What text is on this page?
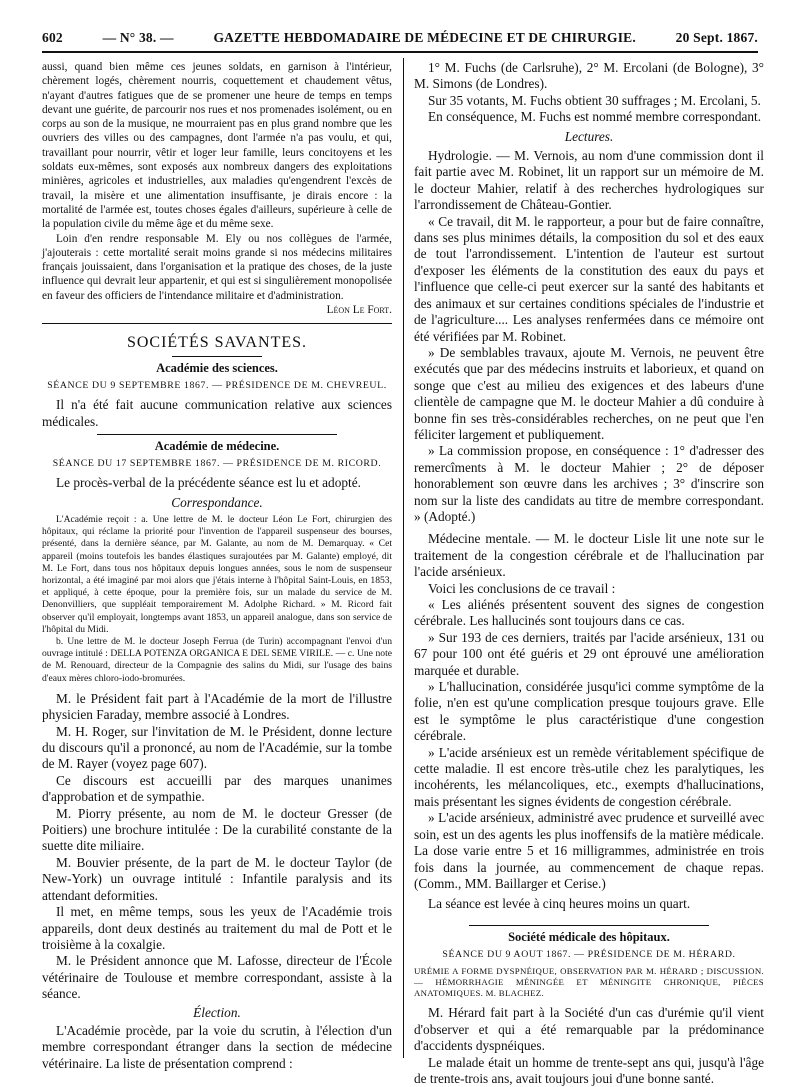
602	— N° 38. —	GAZETTE HEBDOMADAIRE DE MÉDECINE ET DE CHIRURGIE.	20 Sept. 1867.

aussi, quand bien même ces jeunes soldats, en garnison à l'intérieur, chèrement logés, chèrement nourris, coquettement et chaudement vêtus, n'ayant d'autres fatigues que de se promener une heure de temps en temps devant une guérite, de parcourir nos rues et nos promenades isolément, ou en corps au son de la musique, ne mourraient pas en plus grand nombre que les ouvriers des villes ou des campagnes, dont l'armée n'a pas voulu, et qui, travaillant pour nourrir, vêtir et loger leur famille, leurs concitoyens et les soldats eux-mêmes, sont exposés aux nombreux dangers des exploitations minières, agricoles et industrielles, aux maladies qu'engendrent l'excès de travail, la misère et une alimentation insuffisante, je dirais encore : la mortalité de l'armée est, toutes choses égales d'ailleurs, supérieure à celle de la population civile du même âge et du même sexe.

Loin d'en rendre responsable M. Ely ou nos collègues de l'armée, j'ajouterais : cette mortalité serait moins grande si nos médecins militaires français jouissaient, dans l'organisation et la pratique des choses, de la juste influence qui devrait leur appartenir, et qui est si singulièrement monopolisée en faveur des officiers de l'intendance militaire et d'administration.

Léon Le Fort.

SOCIÉTÉS SAVANTES.
Académie des sciences.
SÉANCE DU 9 SEPTEMBRE 1867. — PRÉSIDENCE DE M. CHEVREUL.

Il n'a été fait aucune communication relative aux sciences médicales.

Académie de médecine.
SÉANCE DU 17 SEPTEMBRE 1867. — PRÉSIDENCE DE M. RICORD.

Le procès-verbal de la précédente séance est lu et adopté.

Correspondance.

L'Académie reçoit : a. Une lettre de M. le docteur Léon Le Fort, chirurgien des hôpitaux, qui réclame la priorité pour l'invention de l'appareil suspenseur des bourses, présenté, dans la dernière séance, par M. Galante, au nom de M. Demarquay. « Cet appareil (moins toutefois les bandes élastiques surajoutées par M. Galante) employé, dit M. Le Fort, dans tous nos hôpitaux depuis longues années, sous le nom de suspenseur horizontal, a été imaginé par moi alors que j'étais interne à l'hôpital Saint-Louis, en 1853, et appliqué, à cette époque, pour la première fois, sur un malade du service de M. Denonvilliers, que suppléait temporairement M. Adolphe Richard. » M. Ricord fait observer qu'il employait, longtemps avant 1853, un appareil analogue, dans son service de l'hôpital du Midi.

b. Une lettre de M. le docteur Joseph Ferrua (de Turin) accompagnant l'envoi d'un ouvrage intitulé : DELLA POTENZA ORGANICA E DEL SEME VIRILE. — c. Une note de M. Renouard, directeur de la Compagnie des salins du Midi, sur l'usage des bains d'eaux mères chloro-iodo-bromurées.

M. le Président fait part à l'Académie de la mort de l'illustre physicien Faraday, membre associé à Londres.

M. H. Roger, sur l'invitation de M. le Président, donne lecture du discours qu'il a prononcé, au nom de l'Académie, sur la tombe de M. Rayer (voyez page 607).

Ce discours est accueilli par des marques unanimes d'approbation et de sympathie.

M. Piorry présente, au nom de M. le docteur Gresser (de Poitiers) une brochure intitulée : De la curabilité constante de la suette dite miliaire.

M. Bouvier présente, de la part de M. le docteur Taylor (de New-York) un ouvrage intitulé : Infantile paralysis and its attendant deformities.

Il met, en même temps, sous les yeux de l'Académie trois appareils, dont deux destinés au traitement du mal de Pott et le troisième à la coxalgie.

M. le Président annonce que M. Lafosse, directeur de l'École vétérinaire de Toulouse et membre correspondant, assiste à la séance.

Élection.

L'Académie procède, par la voie du scrutin, à l'élection d'un membre correspondant étranger dans la section de médecine vétérinaire. La liste de présentation comprend :

1° M. Fuchs (de Carlsruhe), 2° M. Ercolani (de Bologne), 3° M. Simons (de Londres).

Sur 35 votants, M. Fuchs obtient 30 suffrages ; M. Ercolani, 5.

En conséquence, M. Fuchs est nommé membre correspondant.

Lectures.

Hydrologie. — M. Vernois, au nom d'une commission dont il fait partie avec M. Robinet, lit un rapport sur un mémoire de M. le docteur Mahier, relatif à des recherches hydrologiques sur l'arrondissement de Château-Gontier.

« Ce travail, dit M. le rapporteur, a pour but de faire connaître, dans ses plus minimes détails, la composition du sol et des eaux de tout l'arrondissement. L'intention de l'auteur est surtout d'exposer les éléments de la constitution des eaux du pays et l'influence que celle-ci peut exercer sur la santé des habitants et des animaux et sur certaines conditions spéciales de l'industrie et de l'agriculture.... Les analyses renfermées dans ce mémoire ont été vérifiées par M. Robinet.

» De semblables travaux, ajoute M. Vernois, ne peuvent être exécutés que par des médecins instruits et laborieux, et quand on songe que c'est au milieu des exigences et des labeurs d'une clientèle de campagne que M. le docteur Mahier a dû conduire à bonne fin ses très-considérables recherches, on ne peut que l'en féliciter largement et publiquement.

» La commission propose, en conséquence : 1° d'adresser des remercîments à M. le docteur Mahier ; 2° de déposer honorablement son œuvre dans les archives ; 3° d'inscrire son nom sur la liste des candidats au titre de membre correspondant. » (Adopté.)

Médecine mentale. — M. le docteur Lisle lit une note sur le traitement de la congestion cérébrale et de l'hallucination par l'acide arsénieux.

Voici les conclusions de ce travail :

« Les aliénés présentent souvent des signes de congestion cérébrale. Les hallucinés sont toujours dans ce cas.

» Sur 193 de ces derniers, traités par l'acide arsénieux, 131 ou 67 pour 100 ont été guéris et 29 ont éprouvé une amélioration marquée et durable.

» L'hallucination, considérée jusqu'ici comme symptôme de la folie, n'en est qu'une complication presque toujours grave. Elle est le symptôme le plus caractéristique d'une congestion cérébrale.

» L'acide arsénieux est un remède véritablement spécifique de cette maladie. Il est encore très-utile chez les paralytiques, les incohérents, les mélancoliques, etc., exempts d'hallucinations, mais présentant les signes évidents de congestion cérébrale.

» L'acide arsénieux, administré avec prudence et surveillé avec soin, est un des agents les plus inoffensifs de la matière médicale. La dose varie entre 5 et 16 milligrammes, administrée en trois fois dans la journée, au commencement de chaque repas. (Comm., MM. Baillarger et Cerise.)

La séance est levée à cinq heures moins un quart.

Société médicale des hôpitaux.
SÉANCE DU 9 AOUT 1867. — PRÉSIDENCE DE M. HÉRARD.

URÉMIE A FORME DYSPNÉIQUE, OBSERVATION PAR M. HÉRARD ; DISCUSSION. — HÉMORRHAGIE MÉNINGÉE ET MÉNINGITE CHRONIQUE, PIÈCES ANATOMIQUES. M. BLACHEZ.

M. Hérard fait part à la Société d'un cas d'urémie qu'il vient d'observer et qui a été remarquable par la prédominance d'accidents dyspnéiques.

Le malade était un homme de trente-sept ans qui, jusqu'à l'âge de trente-trois ans, avait toujours joui d'une bonne santé.
